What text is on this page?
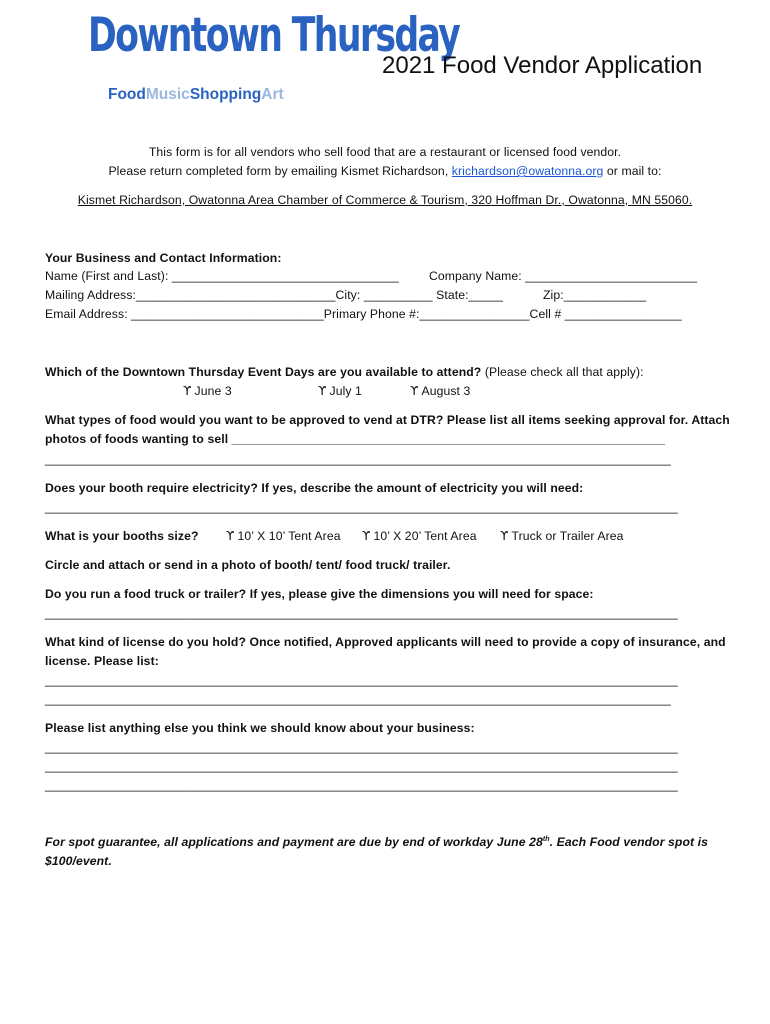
Downtown Thursday
FoodMusicShoppingArt
2021 Food Vendor Application
This form is for all vendors who sell food that are a restaurant or licensed food vendor.
Please return completed form by emailing Kismet Richardson, krichardson@owatonna.org or mail to:
Kismet Richardson, Owatonna Area Chamber of Commerce & Tourism, 320 Hoffman Dr., Owatonna, MN 55060.
Your Business and Contact Information:
Name (First and Last): _________________________________ Company Name: _________________________
Mailing Address:_____________________________City: __________ State:_____	Zip:____________
Email Address: ____________________________Primary Phone #:________________Cell # _________________
Which of the Downtown Thursday Event Days are you available to attend? (Please check all that apply):
ϒ June 3	ϒ July 1	ϒ August 3
What types of food would you want to be approved to vend at DTR? Please list all items seeking approval for. Attach
photos of foods wanting to sell _______________________________________________________________
___________________________________________________________________________________________
Does your booth require electricity? If yes, describe the amount of electricity you will need:
____________________________________________________________________________________________
What is your booths size? ϒ 10’ X 10’ Tent Area ϒ 10’ X 20’ Tent Area ϒ Truck or Trailer Area
Circle and attach or send in a photo of booth/ tent/ food truck/ trailer.
Do you run a food truck or trailer? If yes, please give the dimensions you will need for space:
____________________________________________________________________________________________
What kind of license do you hold? Once notified, Approved applicants will need to provide a copy of insurance, and
license. Please list:
____________________________________________________________________________________________
___________________________________________________________________________________________
Please list anything else you think we should know about your business:
____________________________________________________________________________________________
____________________________________________________________________________________________
____________________________________________________________________________________________
For spot guarantee, all applications and payment are due by end of workday June 28th. Each Food vendor spot is
$100/event.
